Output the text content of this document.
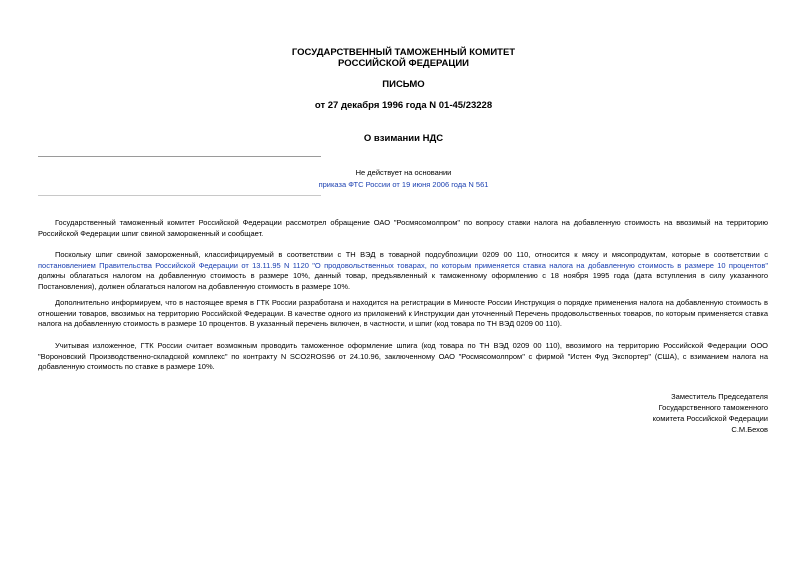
ГОСУДАРСТВЕННЫЙ ТАМОЖЕННЫЙ КОМИТЕТ
РОССИЙСКОЙ ФЕДЕРАЦИИ
ПИСЬМО
от 27 декабря 1996 года N 01-45/23228
О взимании НДС
Не действует на основании
приказа ФТС России от 19 июня 2006 года N 561

Государственный таможенный комитет Российской Федерации рассмотрел обращение ОАО "Росмясомолпром" по вопросу ставки налога на добавленную стоимость на ввозимый на территорию Российской Федерации шпиг свиной замороженный и сообщает.

Поскольку шпиг свиной замороженный, классифицируемый в соответствии с ТН ВЭД в товарной подсубпозиции 0209 00 110, относится к мясу и мясопродуктам, которые в соответствии с постановлением Правительства Российской Федерации от 13.11.95 N 1120 "О продовольственных товарах, по которым применяется ставка налога на добавленную стоимость в размере 10 процентов" должны облагаться налогом на добавленную стоимость в размере 10%, данный товар, предъявленный к таможенному оформлению с 18 ноября 1995 года (дата вступления в силу указанного Постановления), должен облагаться налогом на добавленную стоимость в размере 10%.

Дополнительно информируем, что в настоящее время в ГТК России разработана и находится на регистрации в Минюсте России Инструкция о порядке применения налога на добавленную стоимость в отношении товаров, ввозимых на территорию Российской Федерации. В качестве одного из приложений к Инструкции дан уточненный Перечень продовольственных товаров, по которым применяется ставка налога на добавленную стоимость в размере 10 процентов. В указанный перечень включен, в частности, и шпиг (код товара по ТН ВЭД 0209 00 110).

Учитывая изложенное, ГТК России считает возможным проводить таможенное оформление шпига (код товара по ТН ВЭД 0209 00 110), ввозимого на территорию Российской Федерации ООО "Вороновский Производственно-складской комплекс" по контракту N SCO2ROS96 от 24.10.96, заключенному ОАО "Росмясомолпром" с фирмой "Истен Фуд Экспортер" (США), с взиманием налога на добавленную стоимость по ставке в размере 10%.

Заместитель Председателя
Государственного таможенного
комитета Российской Федерации
С.М.Бехов
